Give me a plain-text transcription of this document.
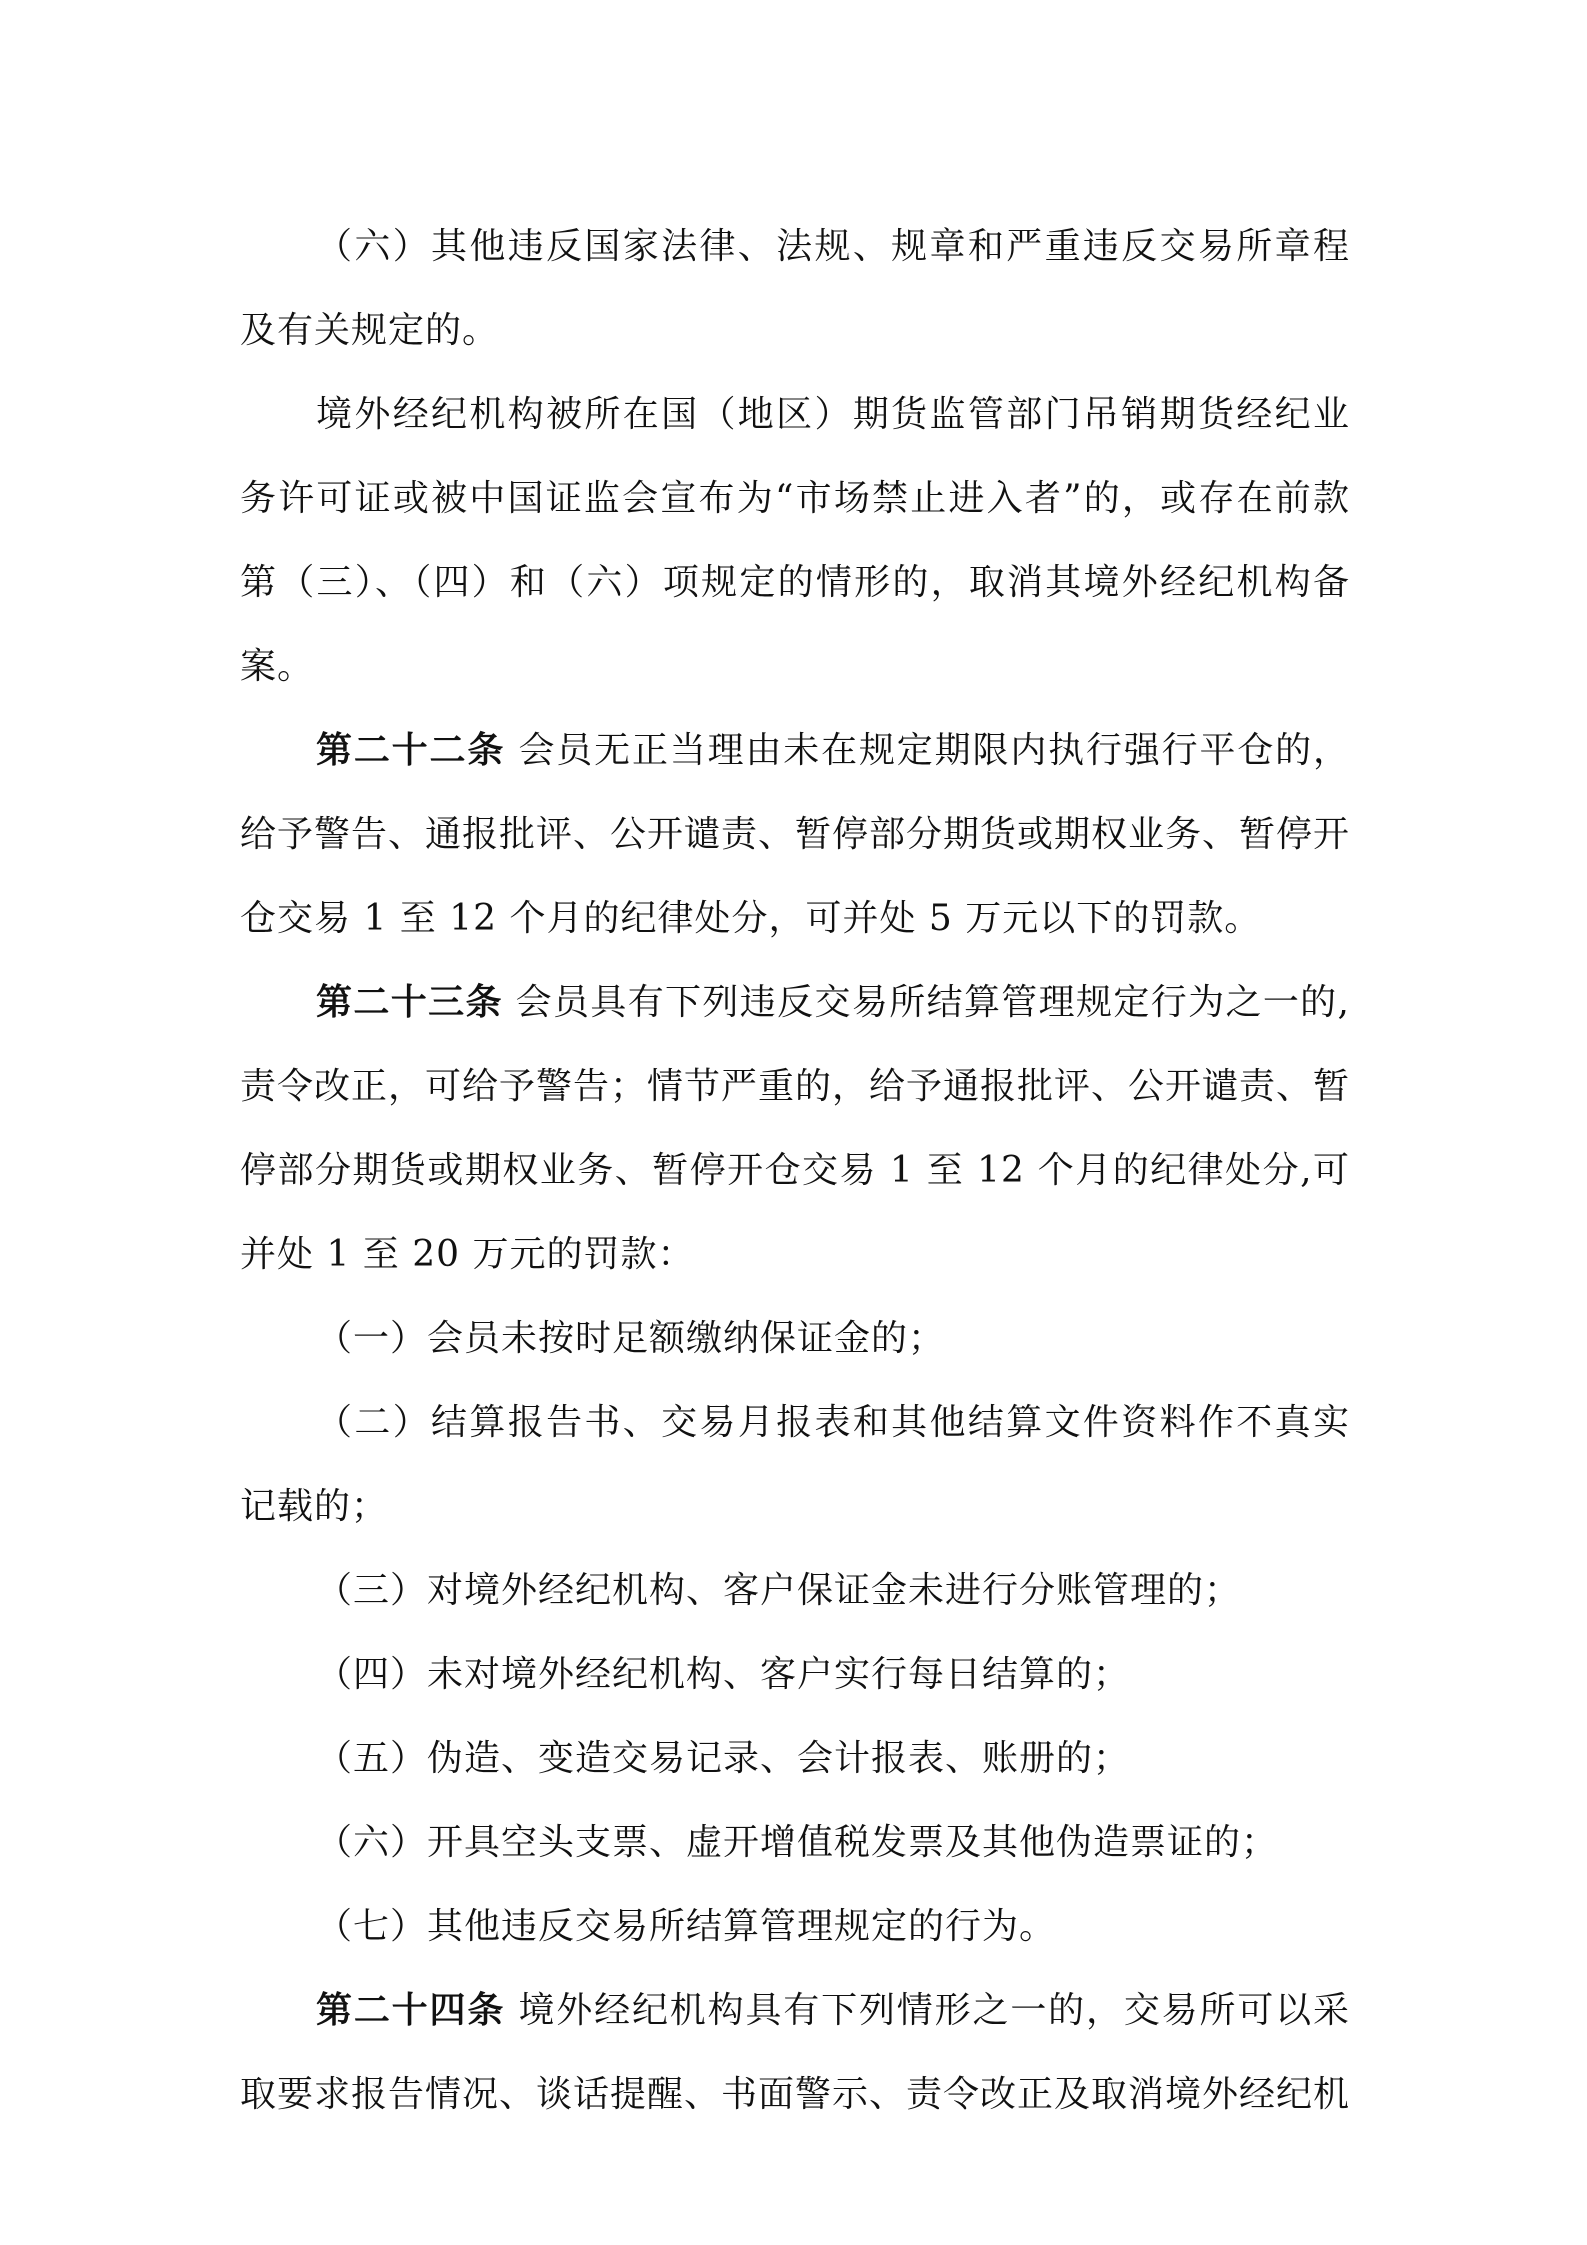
（六）其他违反国家法律、法规、规章和严重违反交易所章程及有关规定的。

境外经纪机构被所在国（地区）期货监管部门吊销期货经纪业务许可证或被中国证监会宣布为“市场禁止进入者”的，或存在前款第（三）、（四）和（六）项规定的情形的，取消其境外经纪机构备案。

第二十二条 会员无正当理由未在规定期限内执行强行平仓的，给予警告、通报批评、公开谴责、暂停部分期货或期权业务、暂停开仓交易 1 至 12 个月的纪律处分，可并处 5 万元以下的罚款。

第二十三条 会员具有下列违反交易所结算管理规定行为之一的,责令改正，可给予警告；情节严重的，给予通报批评、公开谴责、暂停部分期货或期权业务、暂停开仓交易 1 至 12 个月的纪律处分,可并处 1 至 20 万元的罚款：

（一）会员未按时足额缴纳保证金的；

（二）结算报告书、交易月报表和其他结算文件资料作不真实记载的；

（三）对境外经纪机构、客户保证金未进行分账管理的；

（四）未对境外经纪机构、客户实行每日结算的；

（五）伪造、变造交易记录、会计报表、账册的；

（六）开具空头支票、虚开增值税发票及其他伪造票证的；

（七）其他违反交易所结算管理规定的行为。

第二十四条 境外经纪机构具有下列情形之一的，交易所可以采取要求报告情况、谈话提醒、书面警示、责令改正及取消境外经纪机
